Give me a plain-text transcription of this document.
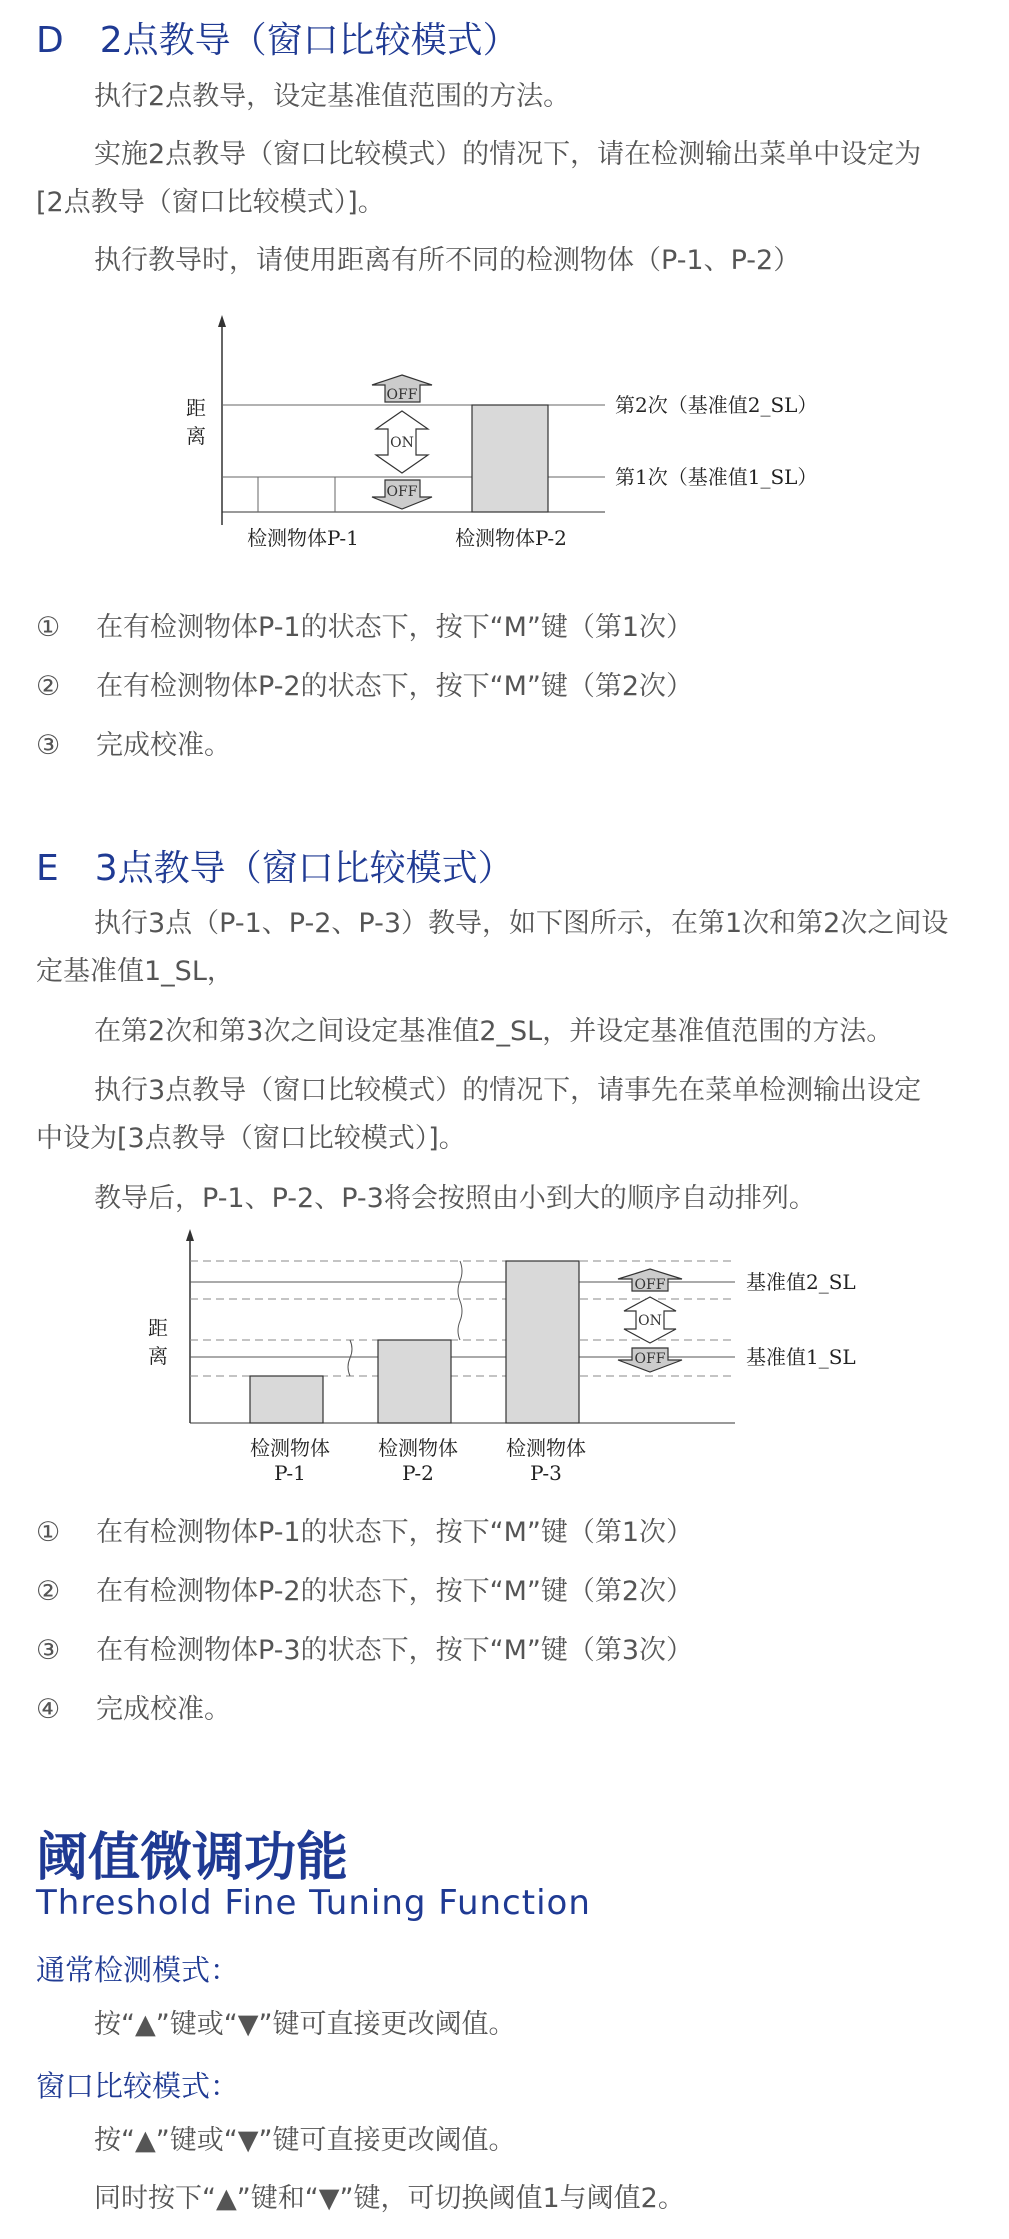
D　2点教导（窗口比较模式）

执行2点教导，设定基准值范围的方法。

实施2点教导（窗口比较模式）的情况下，请在检测输出菜单中设定为

[2点教导（窗口比较模式）]。

执行教导时，请使用距离有所不同的检测物体（P-1、P-2）

OFF
ON
OFF
距
离
第2次（基准值2_SL）
第1次（基准值1_SL）
检测物体P-1	检测物体P-2
① 在有检测物体P-1的状态下，按下“M”键（第1次）
② 在有检测物体P-2的状态下，按下“M”键（第2次）
③ 完成校准。
E　3点教导（窗口比较模式）

执行3点（P-1、P-2、P-3）教导，如下图所示，在第1次和第2次之间设

定基准值1_SL，

在第2次和第3次之间设定基准值2_SL，并设定基准值范围的方法。

执行3点教导（窗口比较模式）的情况下，请事先在菜单检测输出设定

中设为[3点教导（窗口比较模式）]。

教导后，P-1、P-2、P-3将会按照由小到大的顺序自动排列。

OFF
ON
OFF
距
离
基准值2_SL
基准值1_SL
检测物体
P-1
检测物体
P-2
检测物体
P-3
① 在有检测物体P-1的状态下，按下“M”键（第1次）
② 在有检测物体P-2的状态下，按下“M”键（第2次）
③ 在有检测物体P-3的状态下，按下“M”键（第3次）
④ 完成校准。
阈值微调功能
Threshold Fine Tuning Function
通常检测模式：

按“▲”键或“▼”键可直接更改阈值。

窗口比较模式：

按“▲”键或“▼”键可直接更改阈值。

同时按下“▲”键和“▼”键，可切换阈值1与阈值2。
